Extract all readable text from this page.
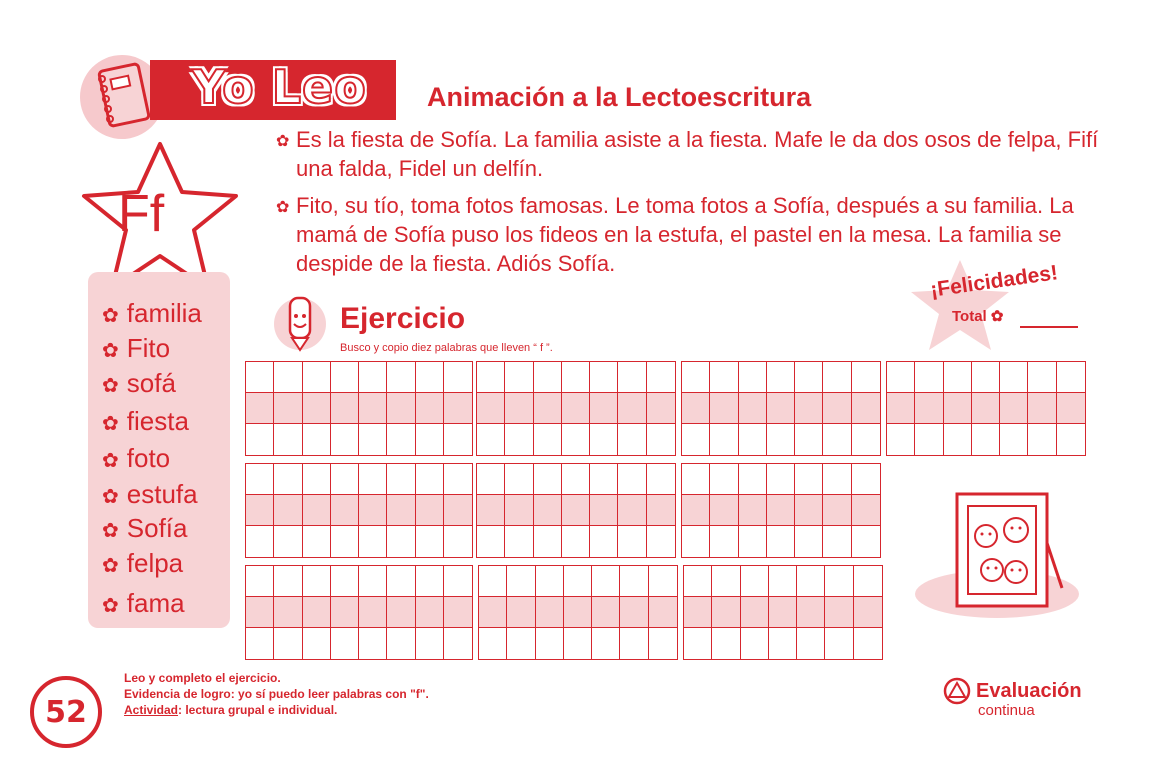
Yo Leo Animación a la Lectoescritura
Ff
✿ Es la fiesta de Sofía. La familia asiste a la fiesta. Mafe le da dos osos de felpa, Fifí una falda, Fidel un delfín.
✿ Fito, su tío, toma fotos famosas. Le toma fotos a Sofía, después a su familia. La mamá de Sofía puso los fideos en la estufa, el pastel en la mesa. La familia se despide de la fiesta. Adiós Sofía.
✿ familia
✿ Fito
✿ sofá
✿ fiesta
✿ foto
✿ estufa
✿ Sofía
✿ felpa
✿ fama
Ejercicio
Busco y copio diez palabras que lleven “ f ”.
¡Felicidades!
Total ✿
52
Leo y completo el ejercicio.
Evidencia de logro: yo sí puedo leer palabras con "f".
Actividad: lectura grupal e individual.
Evaluación
continua
